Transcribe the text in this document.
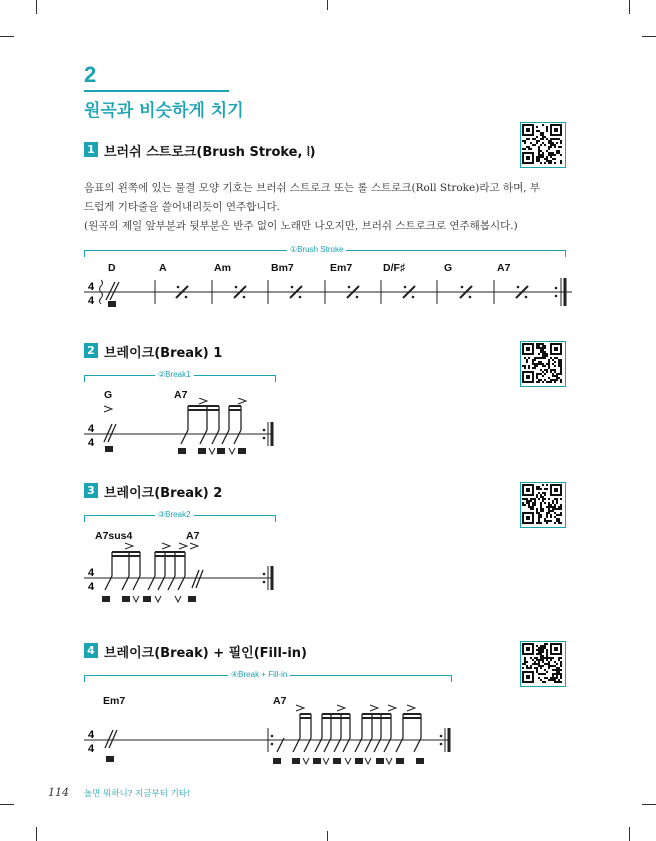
2
원곡과 비슷하게 치기
1 브러쉬 스트로크(Brush Stroke, ⦚)
음표의 왼쪽에 있는 물결 모양 기호는 브러쉬 스트로크 또는 롤 스트로크(Roll Stroke)라고 하며, 부
드럽게 기타줄을 쓸어내리듯이 연주합니다.
(원곡의 제일 앞부분과 뒷부분은 반주 없이 노래만 나오지만, 브러쉬 스트로크로 연주해봅시다.)
①Brush Stroke
D	A	Am	Bm7	Em7	D/F♯	G	A7
4
4
2 브레이크(Break) 1
②Break1
G	A7
4
4
3 브레이크(Break) 2
③Break2
A7sus4	A7
4
4
4 브레이크(Break) + 필인(Fill-in)
④Break + Fill-in
Em7	A7
4
4
114 놀면 뭐하니? 지금부터 기타!
